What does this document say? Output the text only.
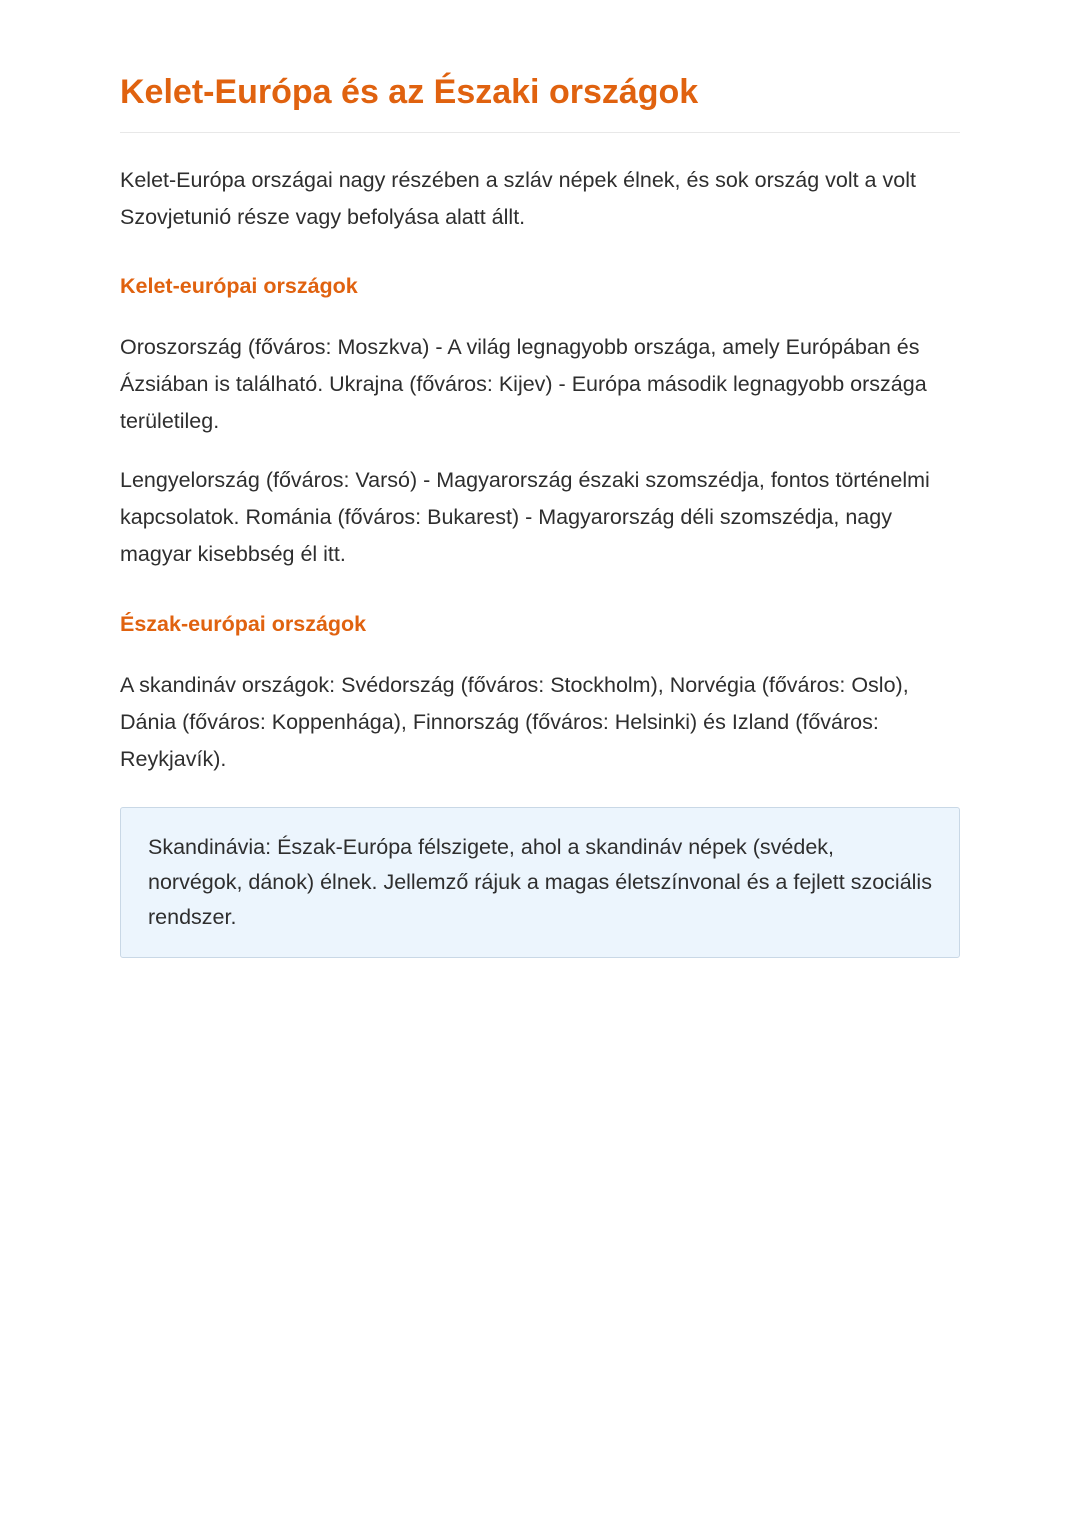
Kelet-Európa és az Északi országok

Kelet-Európa országai nagy részében a szláv népek élnek, és sok ország volt a volt Szovjetunió része vagy befolyása alatt állt.

Kelet-európai országok

Oroszország (főváros: Moszkva) - A világ legnagyobb országa, amely Európában és Ázsiában is található. Ukrajna (főváros: Kijev) - Európa második legnagyobb országa területileg.

Lengyelország (főváros: Varsó) - Magyarország északi szomszédja, fontos történelmi kapcsolatok. Románia (főváros: Bukarest) - Magyarország déli szomszédja, nagy magyar kisebbség él itt.

Észak-európai országok

A skandináv országok: Svédország (főváros: Stockholm), Norvégia (főváros: Oslo), Dánia (főváros: Koppenhága), Finnország (főváros: Helsinki) és Izland (főváros: Reykjavík).

Skandinávia: Észak-Európa félszigete, ahol a skandináv népek (svédek, norvégok, dánok) élnek. Jellemző rájuk a magas életszínvonal és a fejlett szociális rendszer.
